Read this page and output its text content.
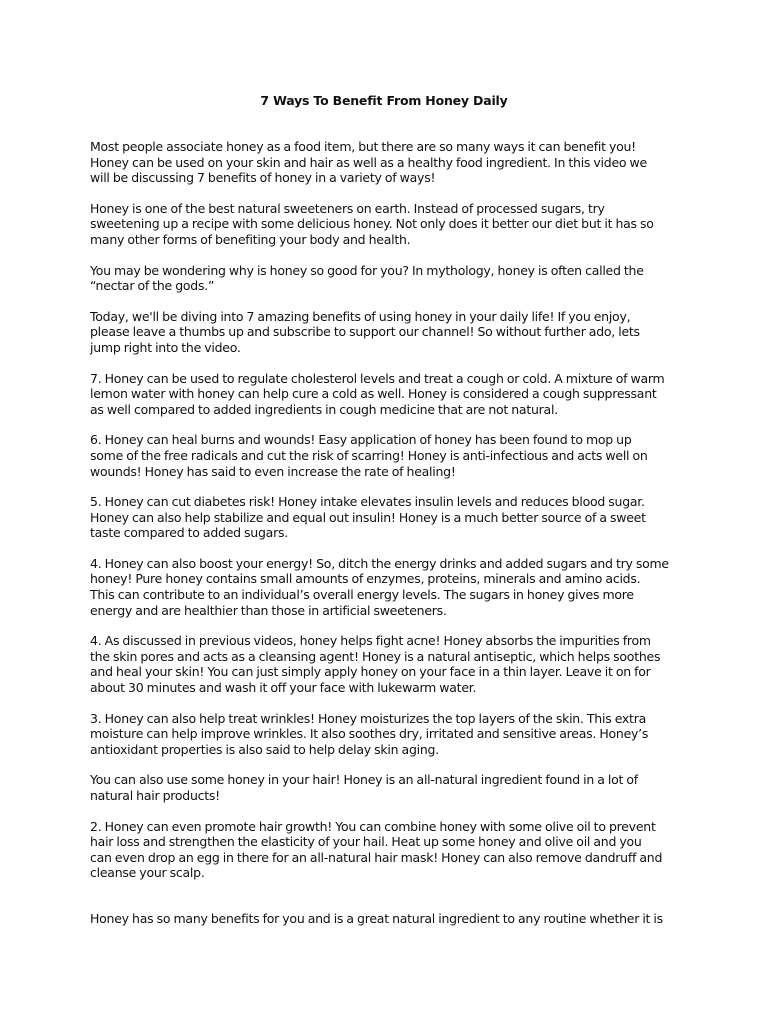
7 Ways To Benefit From Honey Daily

Most people associate honey as a food item, but there are so many ways it can benefit you!
Honey can be used on your skin and hair as well as a healthy food ingredient. In this video we
will be discussing 7 benefits of honey in a variety of ways!

Honey is one of the best natural sweeteners on earth. Instead of processed sugars, try
sweetening up a recipe with some delicious honey. Not only does it better our diet but it has so
many other forms of benefiting your body and health.

You may be wondering why is honey so good for you? In mythology, honey is often called the
“nectar of the gods.”

Today, we'll be diving into 7 amazing benefits of using honey in your daily life! If you enjoy,
please leave a thumbs up and subscribe to support our channel! So without further ado, lets
jump right into the video.

7. Honey can be used to regulate cholesterol levels and treat a cough or cold. A mixture of warm
lemon water with honey can help cure a cold as well. Honey is considered a cough suppressant
as well compared to added ingredients in cough medicine that are not natural.

6. Honey can heal burns and wounds! Easy application of honey has been found to mop up
some of the free radicals and cut the risk of scarring! Honey is anti-infectious and acts well on
wounds! Honey has said to even increase the rate of healing!

5. Honey can cut diabetes risk! Honey intake elevates insulin levels and reduces blood sugar.
Honey can also help stabilize and equal out insulin! Honey is a much better source of a sweet
taste compared to added sugars.

4. Honey can also boost your energy! So, ditch the energy drinks and added sugars and try some
honey! Pure honey contains small amounts of enzymes, proteins, minerals and amino acids.
This can contribute to an individual’s overall energy levels. The sugars in honey gives more
energy and are healthier than those in artificial sweeteners.

4. As discussed in previous videos, honey helps fight acne! Honey absorbs the impurities from
the skin pores and acts as a cleansing agent! Honey is a natural antiseptic, which helps soothes
and heal your skin! You can just simply apply honey on your face in a thin layer. Leave it on for
about 30 minutes and wash it off your face with lukewarm water.

3. Honey can also help treat wrinkles! Honey moisturizes the top layers of the skin. This extra
moisture can help improve wrinkles. It also soothes dry, irritated and sensitive areas. Honey’s
antioxidant properties is also said to help delay skin aging.

You can also use some honey in your hair! Honey is an all-natural ingredient found in a lot of
natural hair products!

2. Honey can even promote hair growth! You can combine honey with some olive oil to prevent
hair loss and strengthen the elasticity of your hail. Heat up some honey and olive oil and you
can even drop an egg in there for an all-natural hair mask! Honey can also remove dandruff and
cleanse your scalp.

Honey has so many benefits for you and is a great natural ingredient to any routine whether it is
